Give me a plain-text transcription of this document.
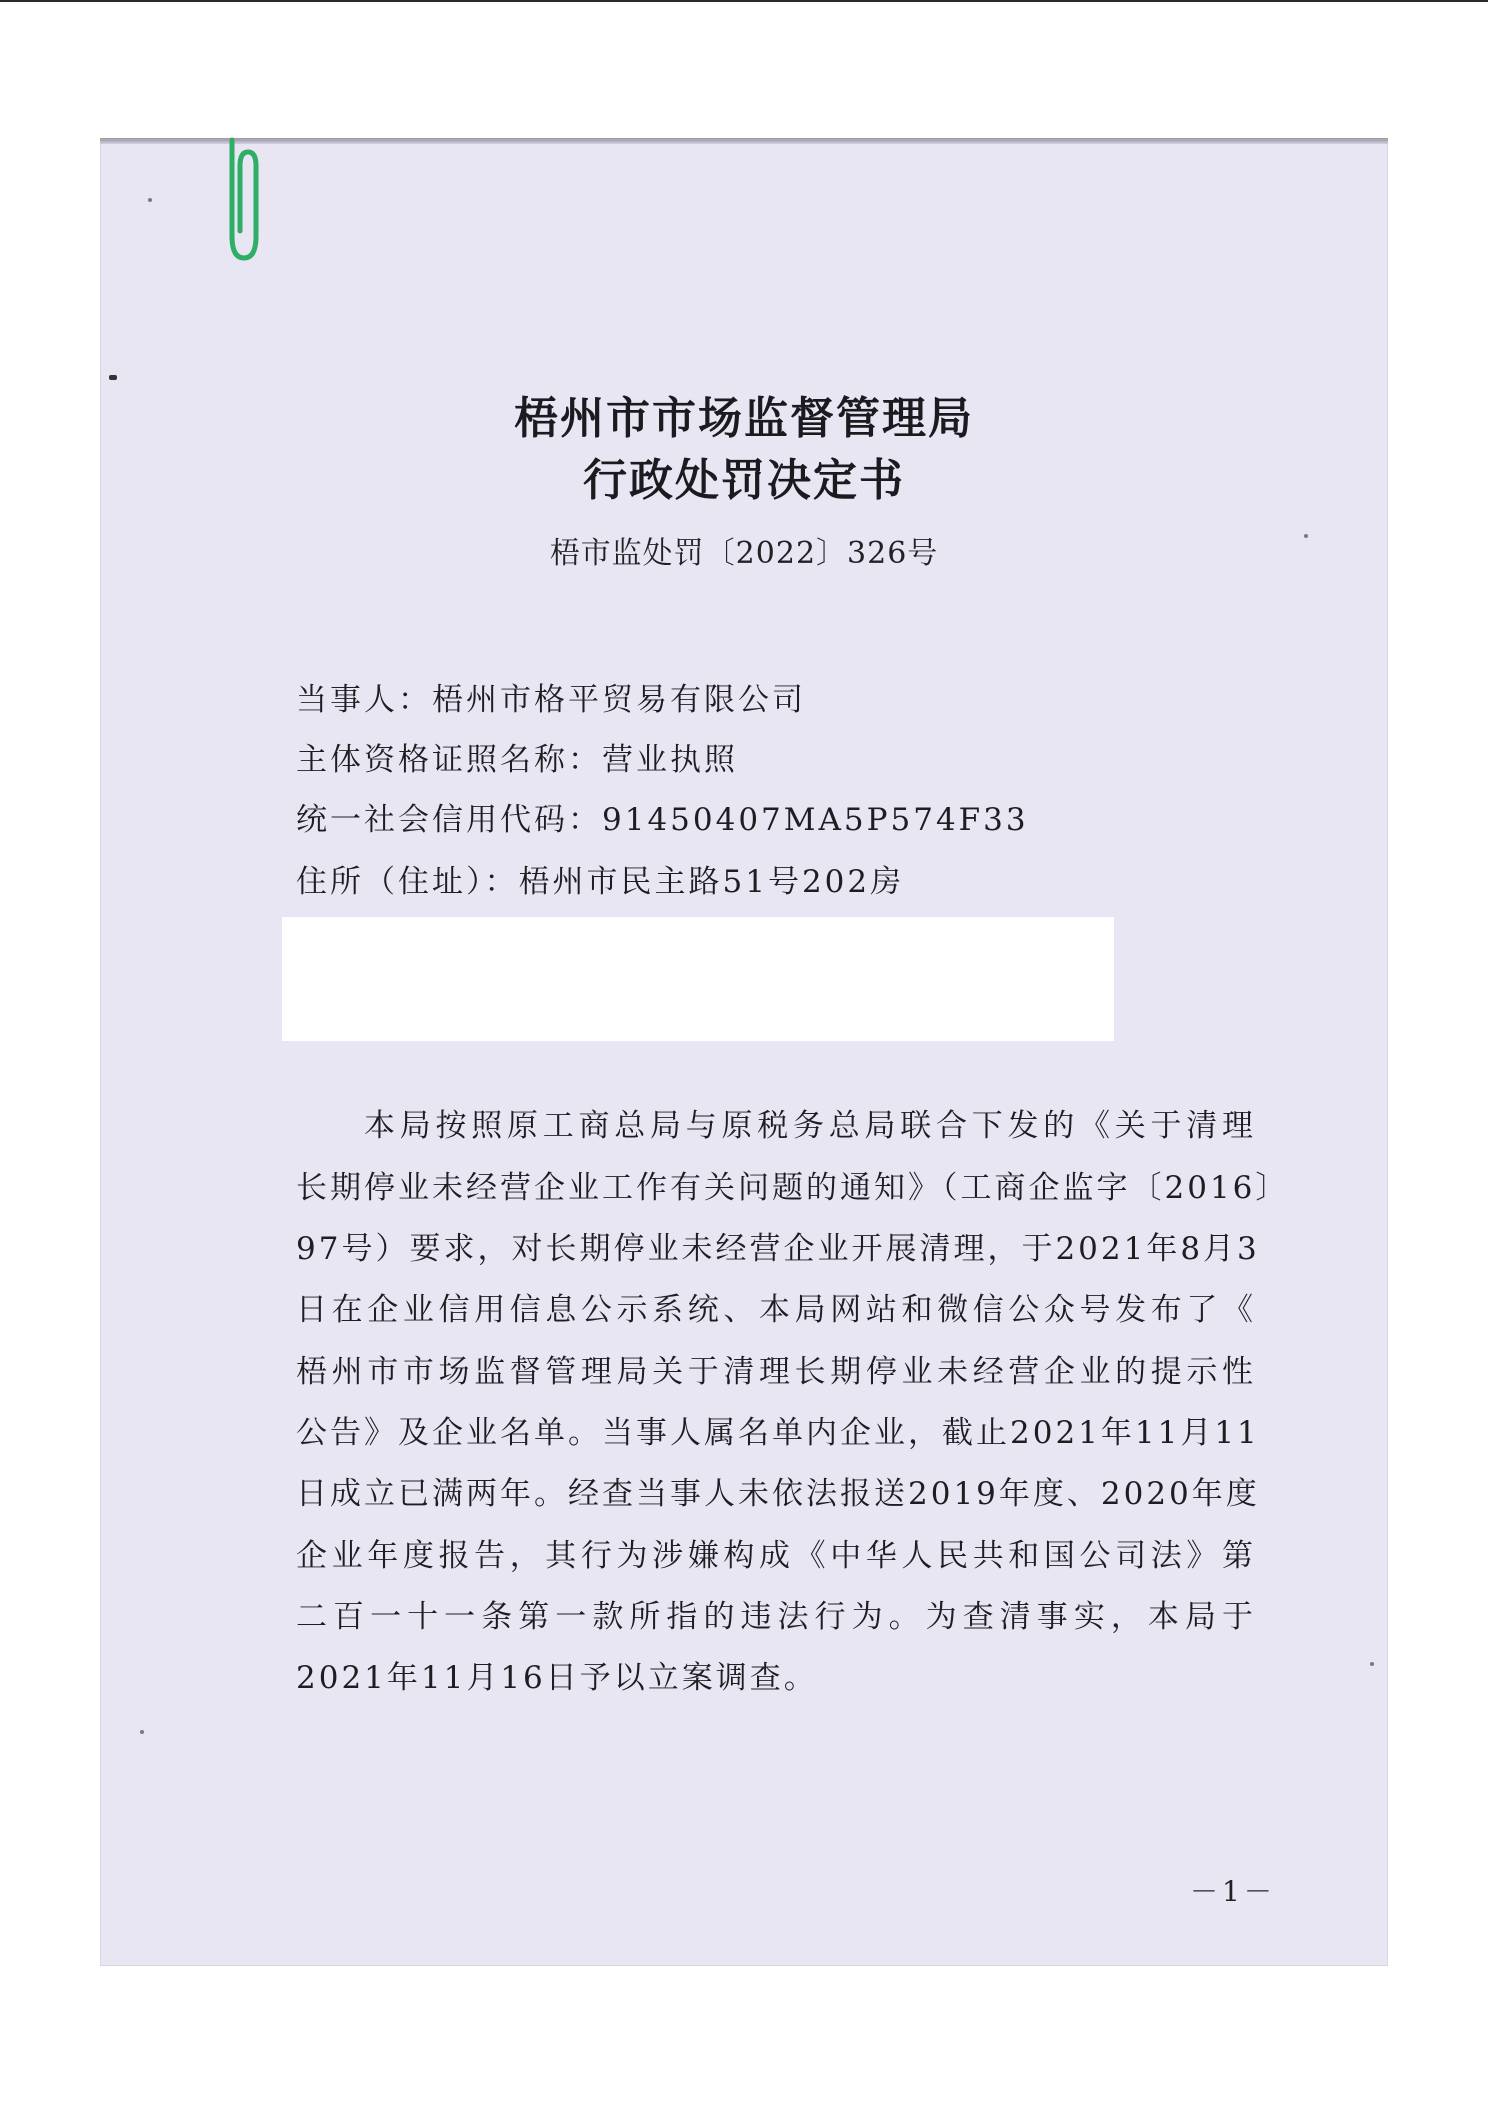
梧州市市场监督管理局
行政处罚决定书
梧市监处罚〔2022〕326号
当事人：梧州市格平贸易有限公司
主体资格证照名称：营业执照
统一社会信用代码：91450407MA5P574F33
住所（住址）：梧州市民主路51号202房
本局按照原工商总局与原税务总局联合下发的《关于清理
长期停业未经营企业工作有关问题的通知》（工商企监字〔2016〕
97号）要求，对长期停业未经营企业开展清理，于2021年8月3
日在企业信用信息公示系统、本局网站和微信公众号发布了《
梧州市市场监督管理局关于清理长期停业未经营企业的提示性
公告》及企业名单。当事人属名单内企业，截止2021年11月11
日成立已满两年。经查当事人未依法报送2019年度、2020年度
企业年度报告，其行为涉嫌构成《中华人民共和国公司法》第
二百一十一条第一款所指的违法行为。为查清事实，本局于
2021年11月16日予以立案调查。
－1－
